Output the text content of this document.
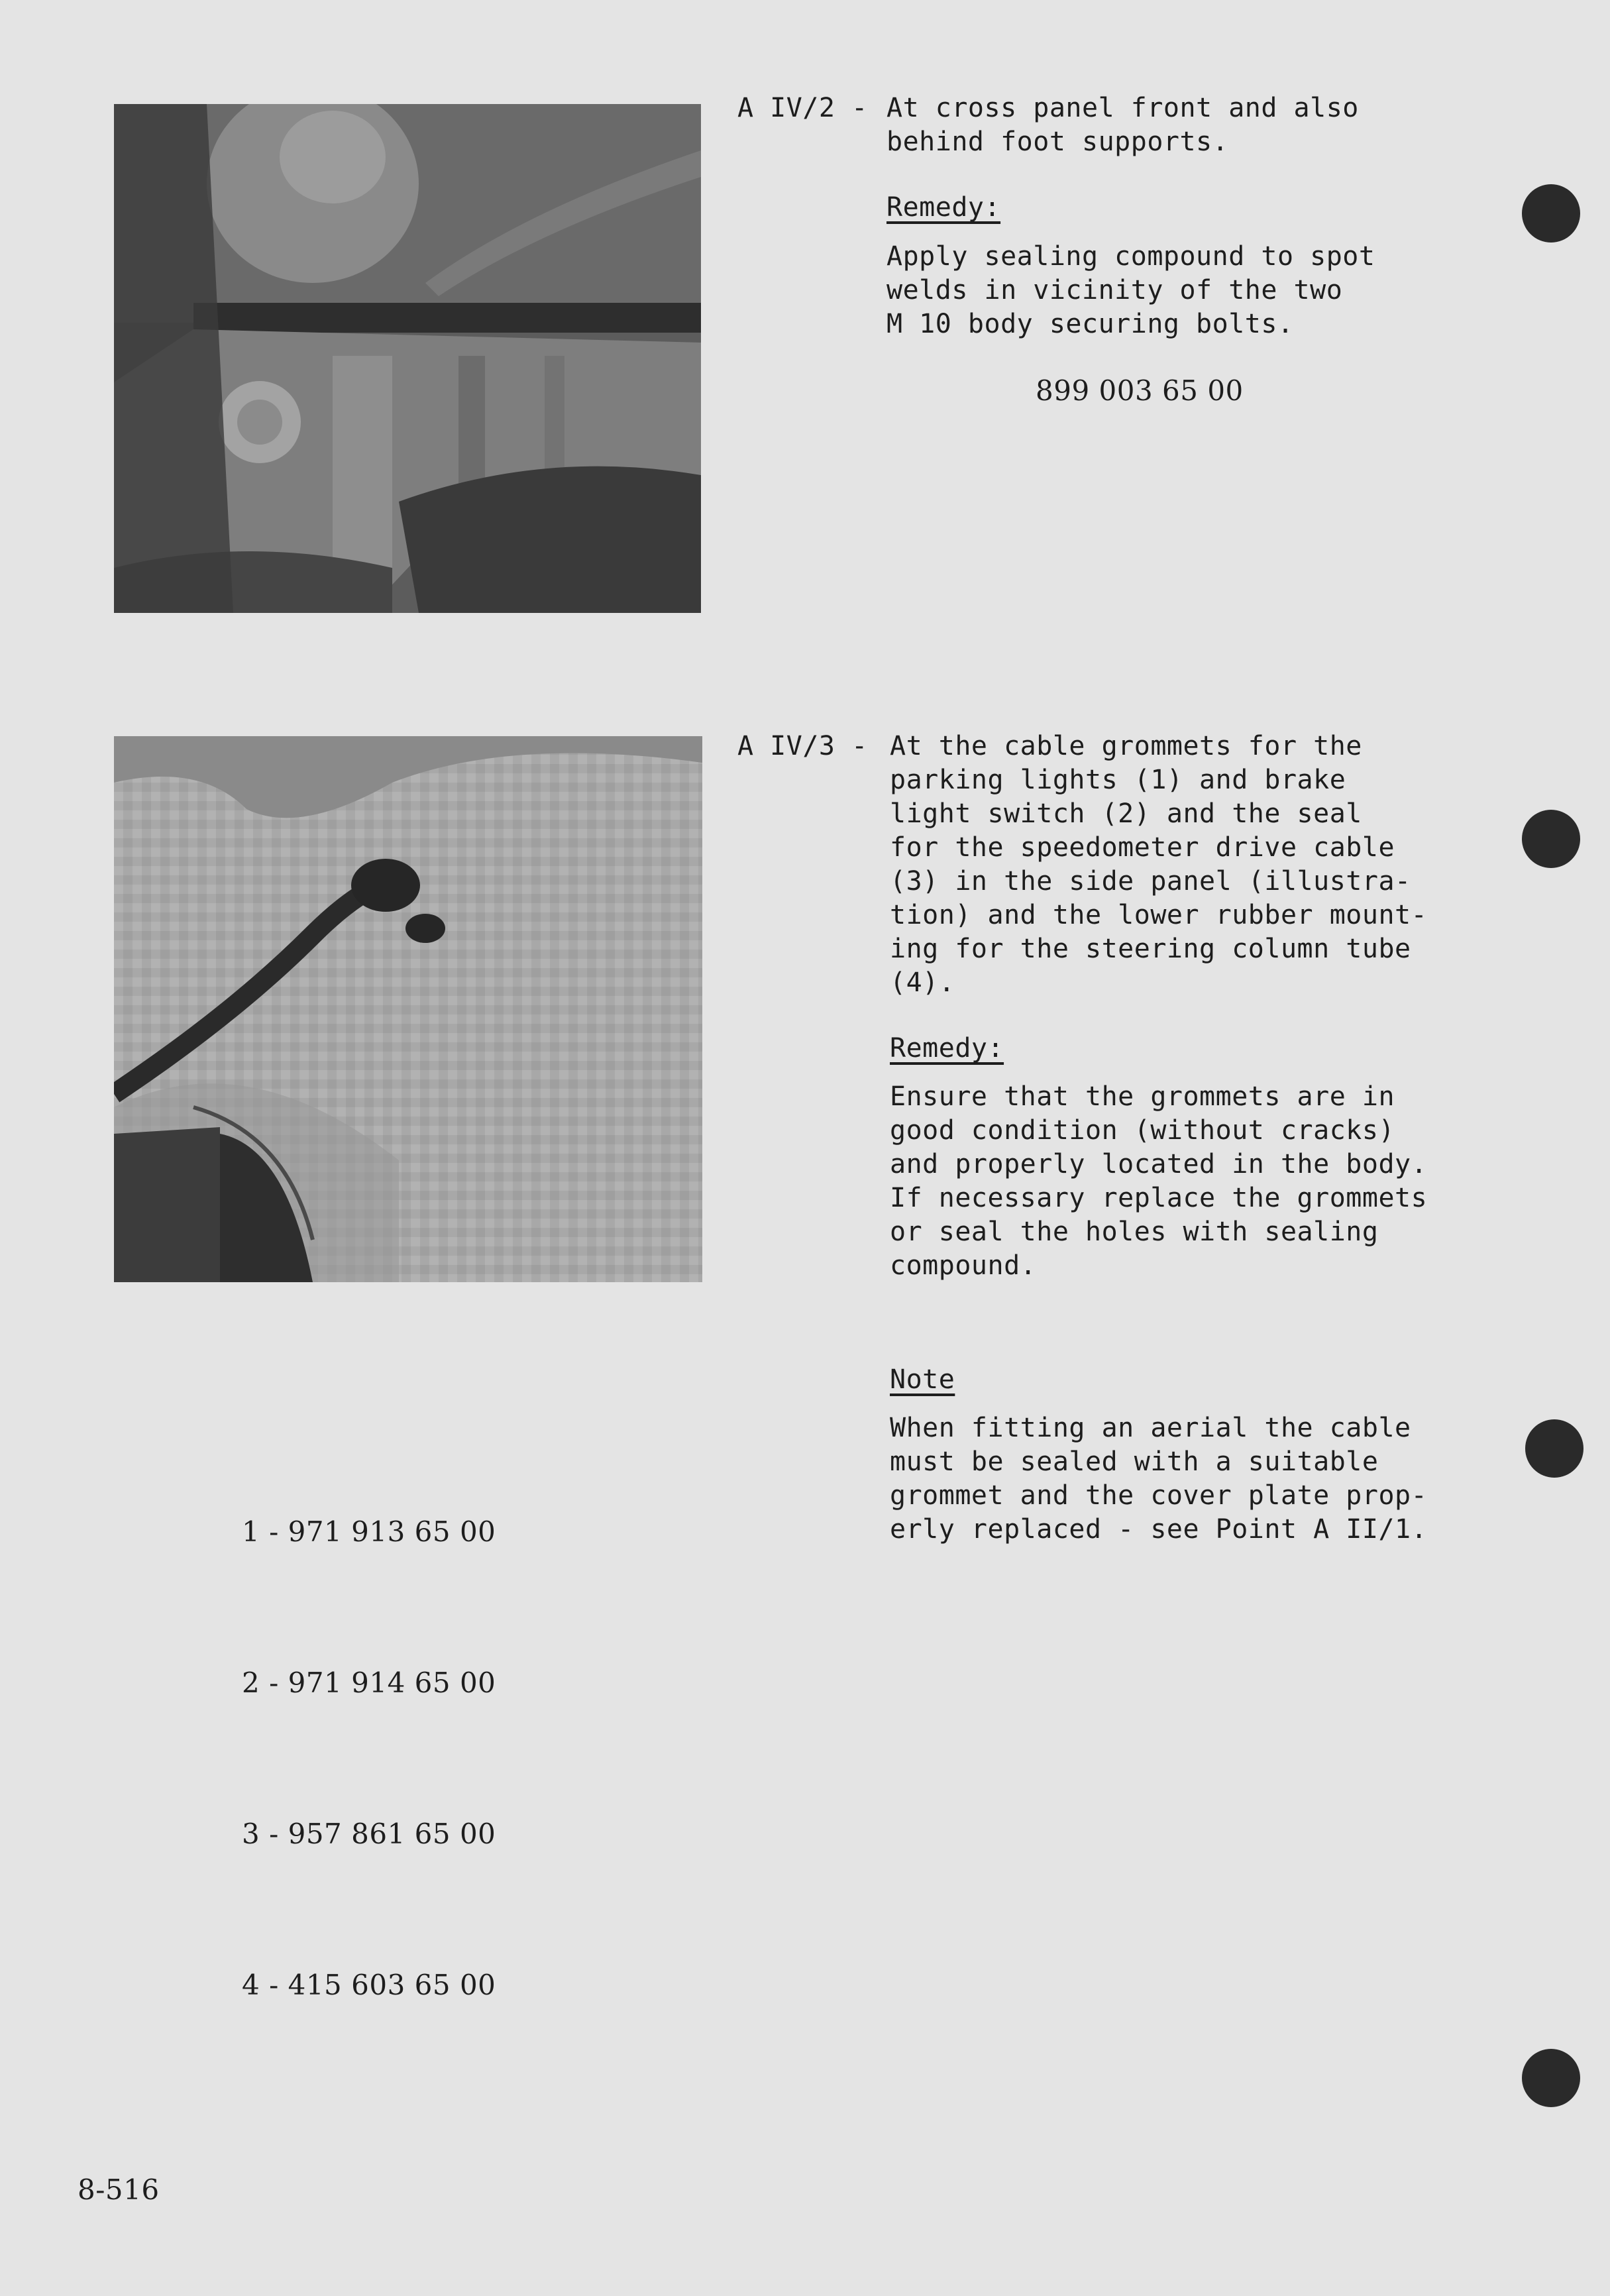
A IV/2 - At cross panel front and also
behind foot supports.
Remedy:
Apply sealing compound to spot
welds in vicinity of the two
M 10 body securing bolts.
899 003 65 00
A IV/3 - At the cable grommets for the
parking lights (1) and brake
light switch (2) and the seal
for the speedometer drive cable
(3) in the side panel (illustra-
tion) and the lower rubber mount-
ing for the steering column tube
(4).
Remedy:
Ensure that the grommets are in
good condition (without cracks)
and properly located in the body.
If necessary replace the grommets
or seal the holes with sealing
compound.
Note
When fitting an aerial the cable
must be sealed with a suitable
grommet and the cover plate prop-
erly replaced - see Point A II/1.

1 - 971 913 65 00

2 - 971 914 65 00

3 - 957 861 65 00

4 - 415 603 65 00

8-516
